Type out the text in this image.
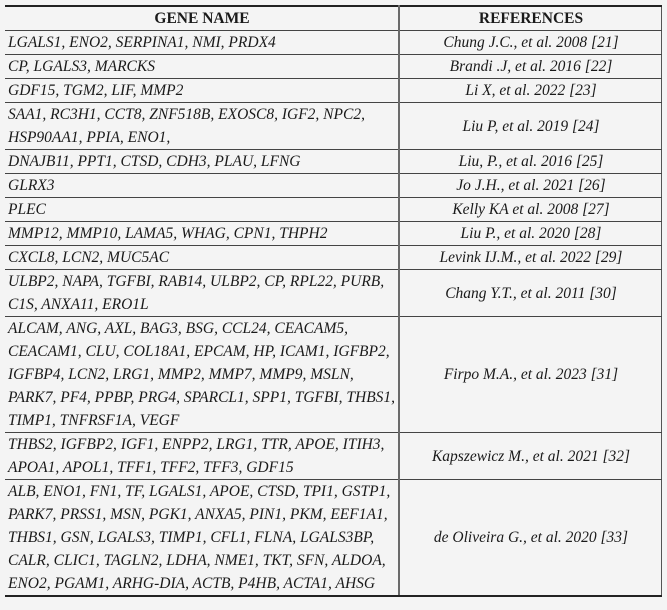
GENE NAME	REFERENCES
LGALS1, ENO2, SERPINA1, NMI, PRDX4	Chung J.C., et al. 2008 [21]
CP, LGALS3, MARCKS	Brandi .J, et al. 2016 [22]
GDF15, TGM2, LIF, MMP2	Li X, et al. 2022 [23]
SAA1, RC3H1, CCT8, ZNF518B, EXOSC8, IGF2, NPC2, HSP90AA1, PPIA, ENO1,	Liu P, et al. 2019 [24]
DNAJB11, PPT1, CTSD, CDH3, PLAU, LFNG	Liu, P., et al. 2016 [25]
GLRX3	Jo J.H., et al. 2021 [26]
PLEC	Kelly KA et al. 2008 [27]
MMP12, MMP10, LAMA5, WHAG, CPN1, THPH2	Liu P., et al. 2020 [28]
CXCL8, LCN2, MUC5AC	Levink IJ.M., et al. 2022 [29]
ULBP2, NAPA, TGFBI, RAB14, ULBP2, CP, RPL22, PURB, C1S, ANXA11, ERO1L	Chang Y.T., et al. 2011 [30]
ALCAM, ANG, AXL, BAG3, BSG, CCL24, CEACAM5, CEACAM1, CLU, COL18A1, EPCAM, HP, ICAM1, IGFBP2, IGFBP4, LCN2, LRG1, MMP2, MMP7, MMP9, MSLN, PARK7, PF4, PPBP, PRG4, SPARCL1, SPP1, TGFBI, THBS1, TIMP1, TNFRSF1A, VEGF	Firpo M.A., et al. 2023 [31]
THBS2, IGFBP2, IGF1, ENPP2, LRG1, TTR, APOE, ITIH3, APOA1, APOL1, TFF1, TFF2, TFF3, GDF15	Kapszewicz M., et al. 2021 [32]
ALB, ENO1, FN1, TF, LGALS1, APOE, CTSD, TPI1, GSTP1, PARK7, PRSS1, MSN, PGK1, ANXA5, PIN1, PKM, EEF1A1, THBS1, GSN, LGALS3, TIMP1, CFL1, FLNA, LGALS3BP, CALR, CLIC1, TAGLN2, LDHA, NME1, TKT, SFN, ALDOA, ENO2, PGAM1, ARHG-DIA, ACTB, P4HB, ACTA1, AHSG	de Oliveira G., et al. 2020 [33]
